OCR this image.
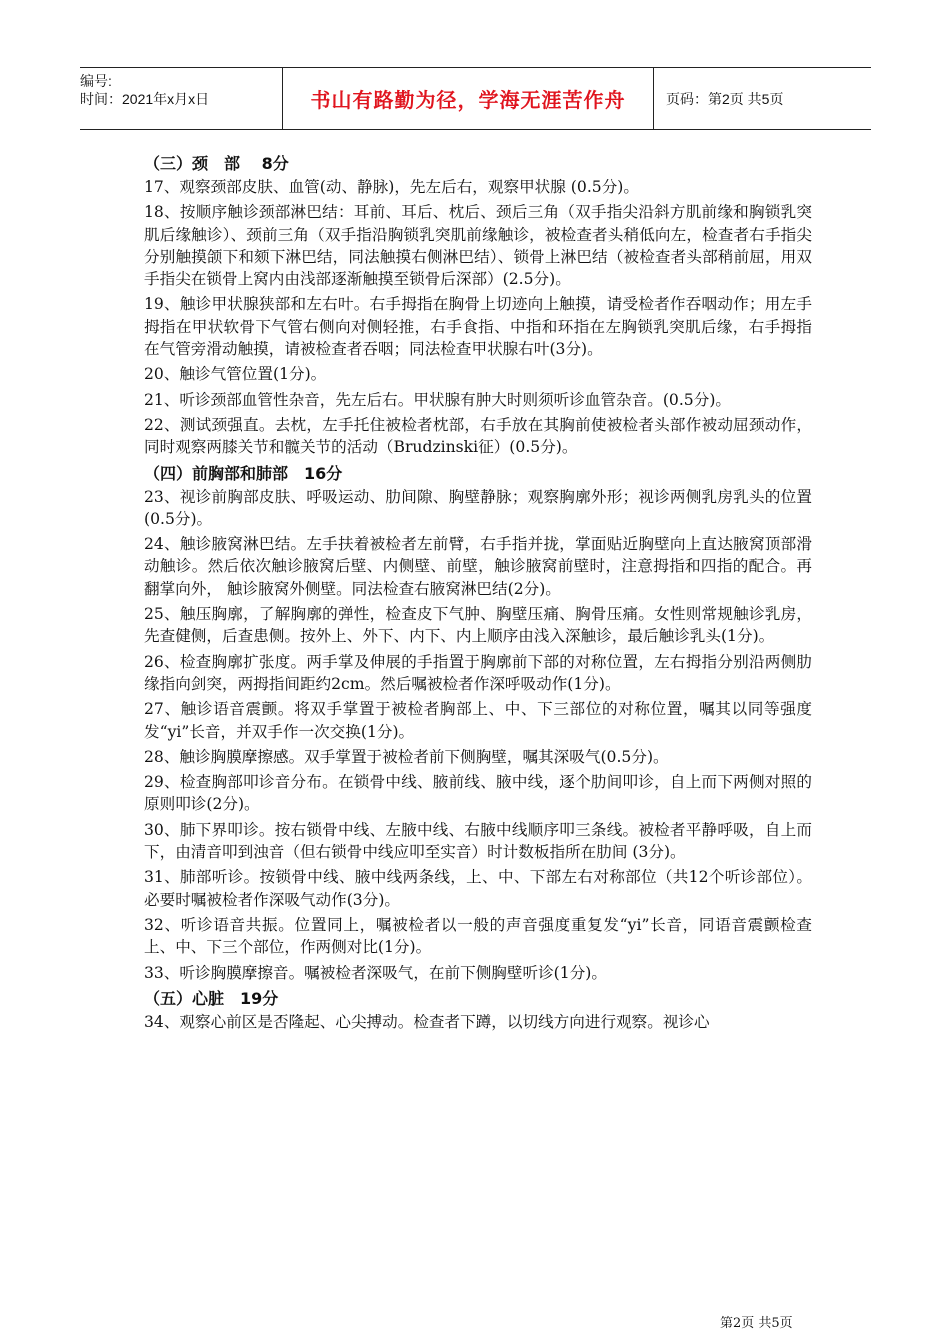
编号:
时间：2021年x月x日	书山有路勤为径，学海无涯苦作舟	页码：第2页 共5页
（三）颈　部　 8分

17、观察颈部皮肤、血管(动、静脉)，先左后右，观察甲状腺 (0.5分)。

18、按顺序触诊颈部淋巴结：耳前、耳后、枕后、颈后三角（双手指尖沿斜方肌前缘和胸锁乳突肌后缘触诊）、颈前三角（双手指沿胸锁乳突肌前缘触诊，被检查者头稍低向左，检查者右手指尖分别触摸颌下和颏下淋巴结，同法触摸右侧淋巴结）、锁骨上淋巴结（被检查者头部稍前屈，用双手指尖在锁骨上窝内由浅部逐渐触摸至锁骨后深部）(2.5分)。

19、触诊甲状腺狭部和左右叶。右手拇指在胸骨上切迹向上触摸，请受检者作吞咽动作；用左手拇指在甲状软骨下气管右侧向对侧轻推，右手食指、中指和环指在左胸锁乳突肌后缘，右手拇指在气管旁滑动触摸，请被检查者吞咽；同法检查甲状腺右叶(3分)。

20、触诊气管位置(1分)。

21、听诊颈部血管性杂音，先左后右。甲状腺有肿大时则须听诊血管杂音。(0.5分)。

22、测试颈强直。去枕，左手托住被检者枕部，右手放在其胸前使被检者头部作被动屈颈动作，同时观察两膝关节和髋关节的活动（Brudzinski征）(0.5分)。

（四）前胸部和肺部　16分

23、视诊前胸部皮肤、呼吸运动、肋间隙、胸壁静脉；观察胸廓外形；视诊两侧乳房乳头的位置(0.5分)。

24、触诊腋窝淋巴结。左手扶着被检者左前臂，右手指并拢，掌面贴近胸壁向上直达腋窝顶部滑动触诊。然后依次触诊腋窝后壁、内侧壁、前壁，触诊腋窝前壁时，注意拇指和四指的配合。再翻掌向外， 触诊腋窝外侧壁。同法检查右腋窝淋巴结(2分)。

25、触压胸廓，了解胸廓的弹性，检查皮下气肿、胸壁压痛、胸骨压痛。女性则常规触诊乳房，先查健侧，后查患侧。按外上、外下、内下、内上顺序由浅入深触诊，最后触诊乳头(1分)。

26、检查胸廓扩张度。两手掌及伸展的手指置于胸廓前下部的对称位置，左右拇指分别沿两侧肋缘指向剑突，两拇指间距约2cm。然后嘱被检者作深呼吸动作(1分)。

27、触诊语音震颤。将双手掌置于被检者胸部上、中、下三部位的对称位置，嘱其以同等强度发“yi”长音，并双手作一次交换(1分)。

28、触诊胸膜摩擦感。双手掌置于被检者前下侧胸壁，嘱其深吸气(0.5分)。

29、检查胸部叩诊音分布。在锁骨中线、腋前线、腋中线，逐个肋间叩诊，自上而下两侧对照的原则叩诊(2分)。

30、肺下界叩诊。按右锁骨中线、左腋中线、右腋中线顺序叩三条线。被检者平静呼吸，自上而下，由清音叩到浊音（但右锁骨中线应叩至实音）时计数板指所在肋间 (3分)。

31、肺部听诊。按锁骨中线、腋中线两条线，上、中、下部左右对称部位（共12个听诊部位）。必要时嘱被检者作深吸气动作(3分)。

32、听诊语音共振。位置同上，嘱被检者以一般的声音强度重复发“yi”长音，同语音震颤检查上、中、下三个部位，作两侧对比(1分)。

33、听诊胸膜摩擦音。嘱被检者深吸气，在前下侧胸壁听诊(1分)。

（五）心脏　19分

34、观察心前区是否隆起、心尖搏动。检查者下蹲，以切线方向进行观察。视诊心

第2页 共5页
